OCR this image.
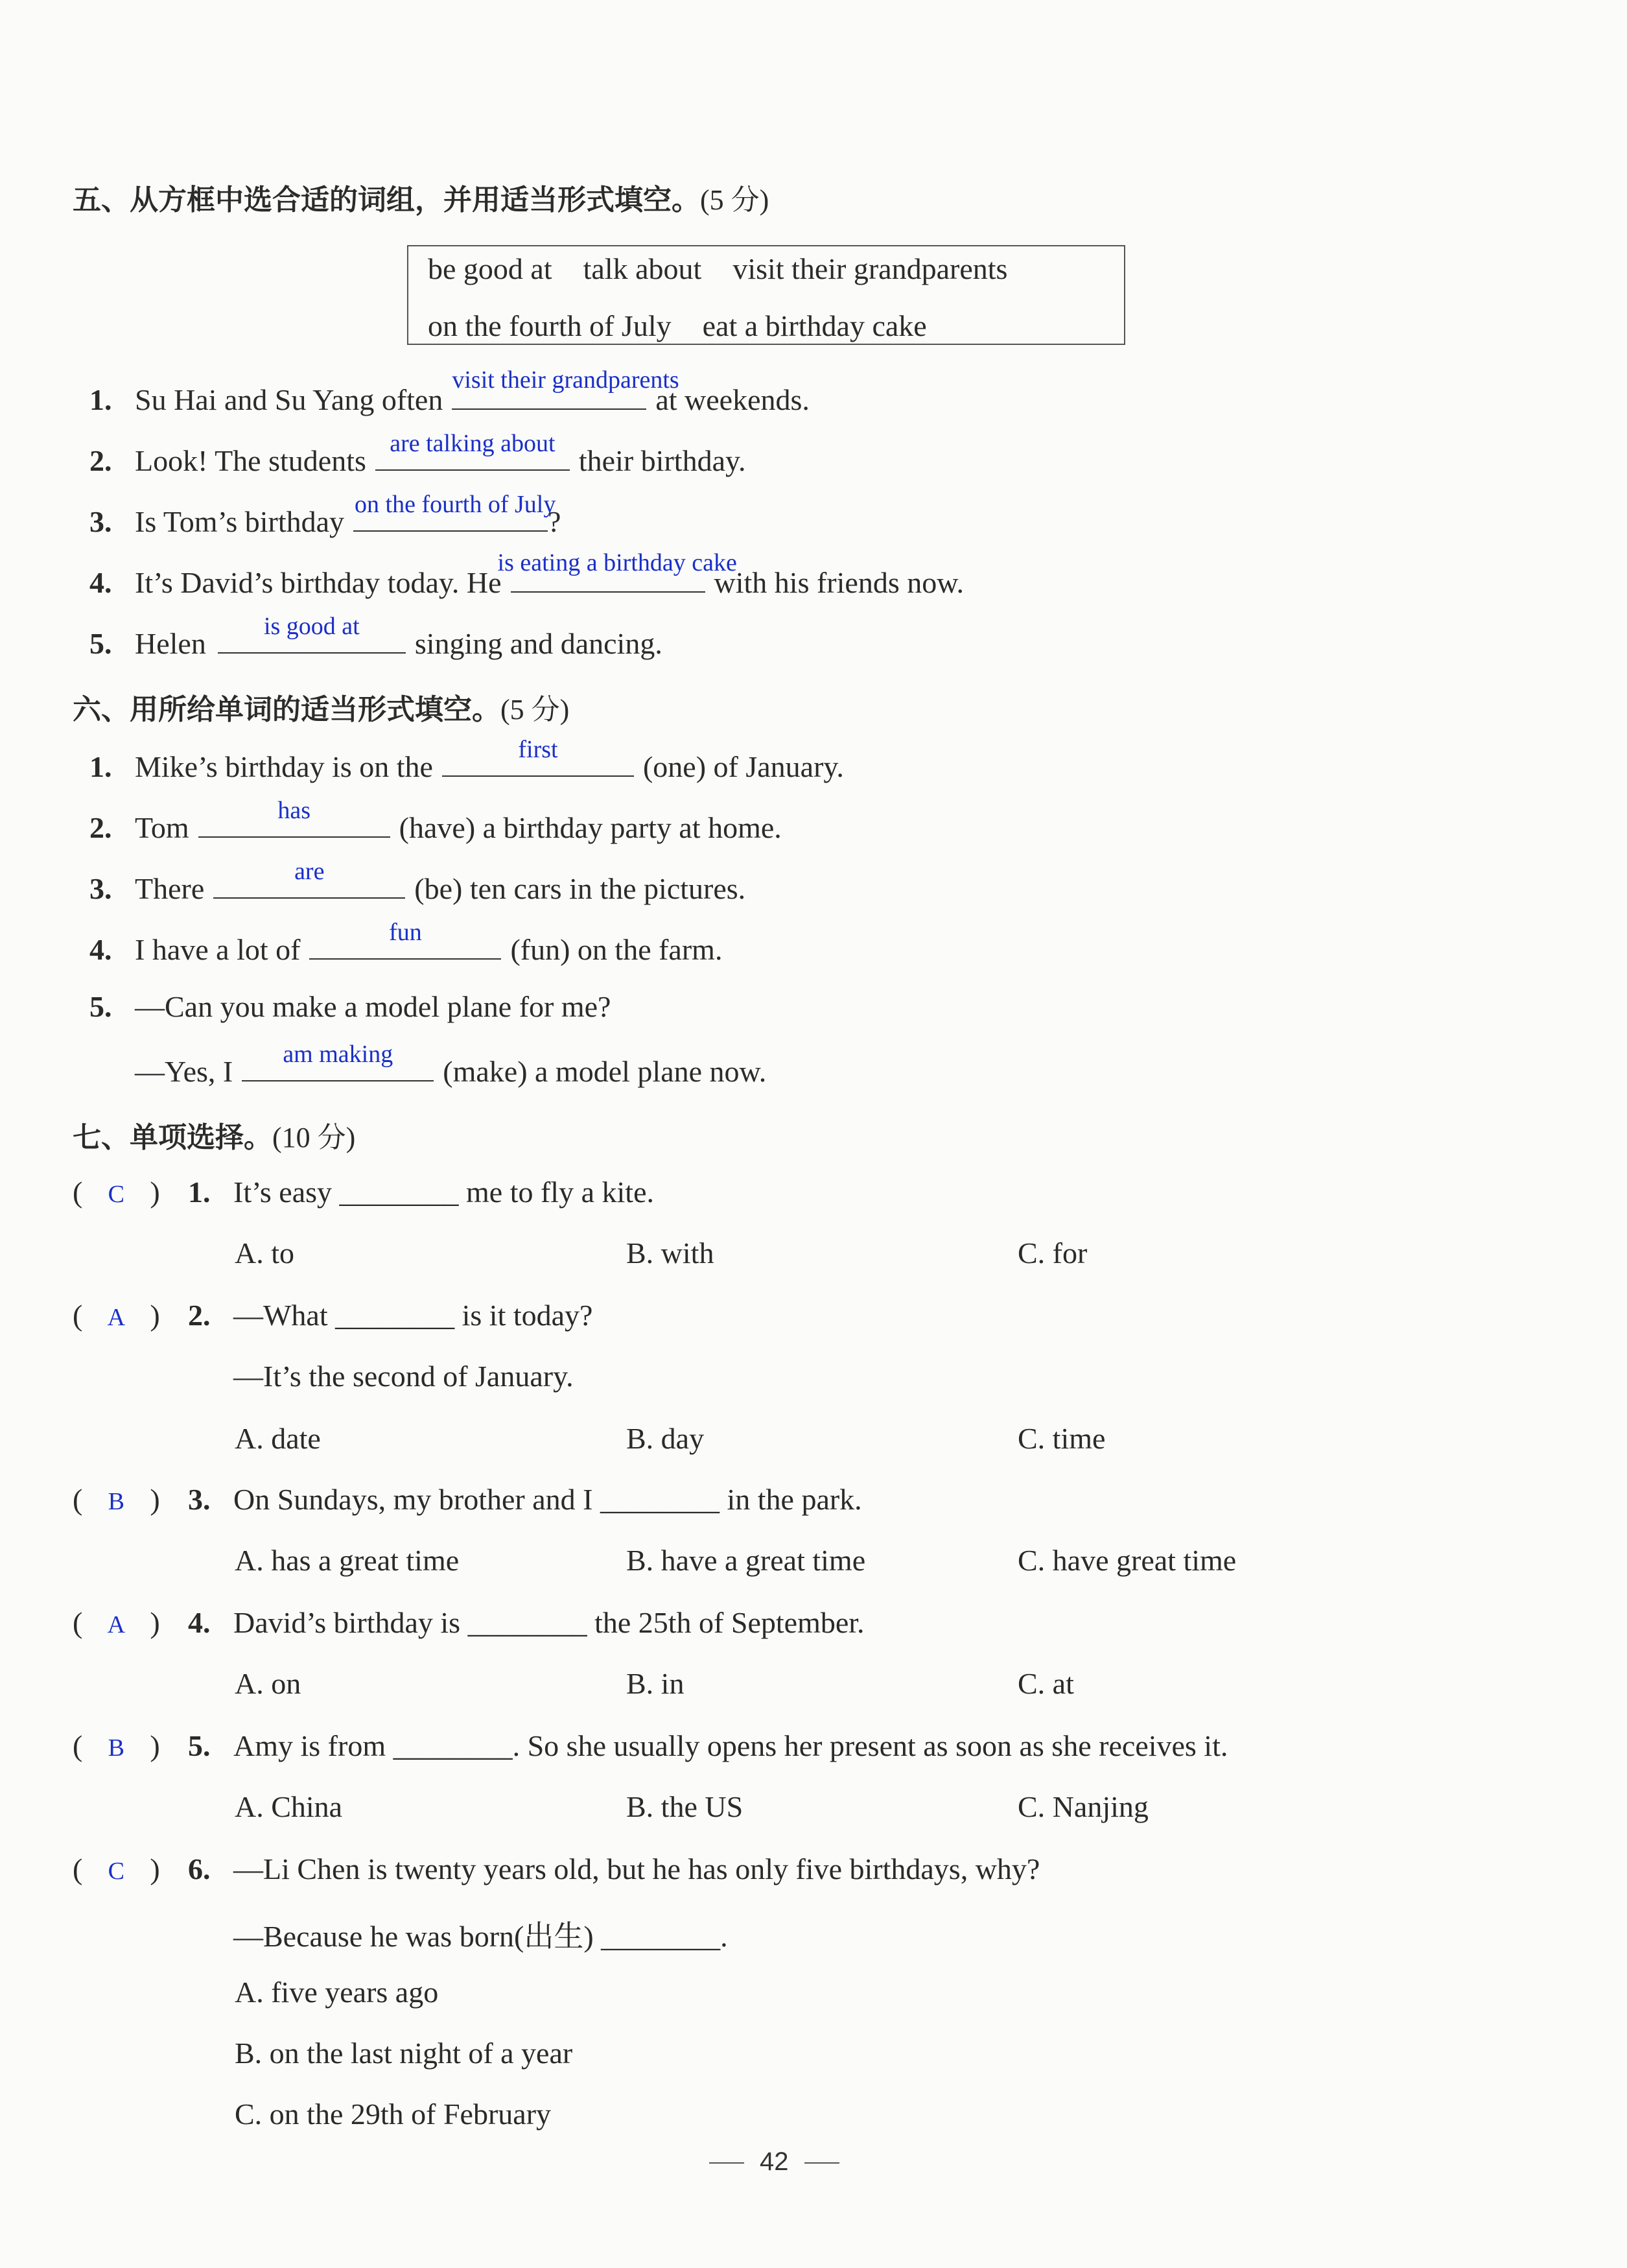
五、从方框中选合适的词组，并用适当形式填空。(5 分)
be good at talk about visit their grandparents
on the fourth of July eat a birthday cake
1. Su Hai and Su Yang often
visit their grandparents
at weekends.
2. Look! The students
are talking about
their birthday.
3. Is Tom’s birthday
on the fourth of July
?
4. It’s David’s birthday today. He
is eating a birthday cake
with his friends now.
5. Helen
is good at
singing and dancing.
六、用所给单词的适当形式填空。(5 分)
1. Mike’s birthday is on the
first
(one) of January.
2. Tom
has
(have) a birthday party at home.
3. There
are
(be) ten cars in the pictures.
4. I have a lot of
fun
(fun) on the farm.
5. —Can you make a model plane for me?
—Yes, I
am making
(make) a model plane now.
七、单项选择。(10 分)
( C ) 1. It’s easy ________ me to fly a kite.
A. to	B. with	C. for
( A ) 2. —What ________ is it today?
—It’s the second of January.
A. date	B. day	C. time
( B ) 3. On Sundays, my brother and I ________ in the park.
A. has a great time	B. have a great time	C. have great time
( A ) 4. David’s birthday is ________ the 25th of September.
A. on	B. in	C. at
( B ) 5. Amy is from ________. So she usually opens her present as soon as she receives it.
A. China	B. the US	C. Nanjing
( C ) 6. —Li Chen is twenty years old, but he has only five birthdays, why?
—Because he was born(出生) ________.
A. five years ago
B. on the last night of a year
C. on the 29th of February
42
